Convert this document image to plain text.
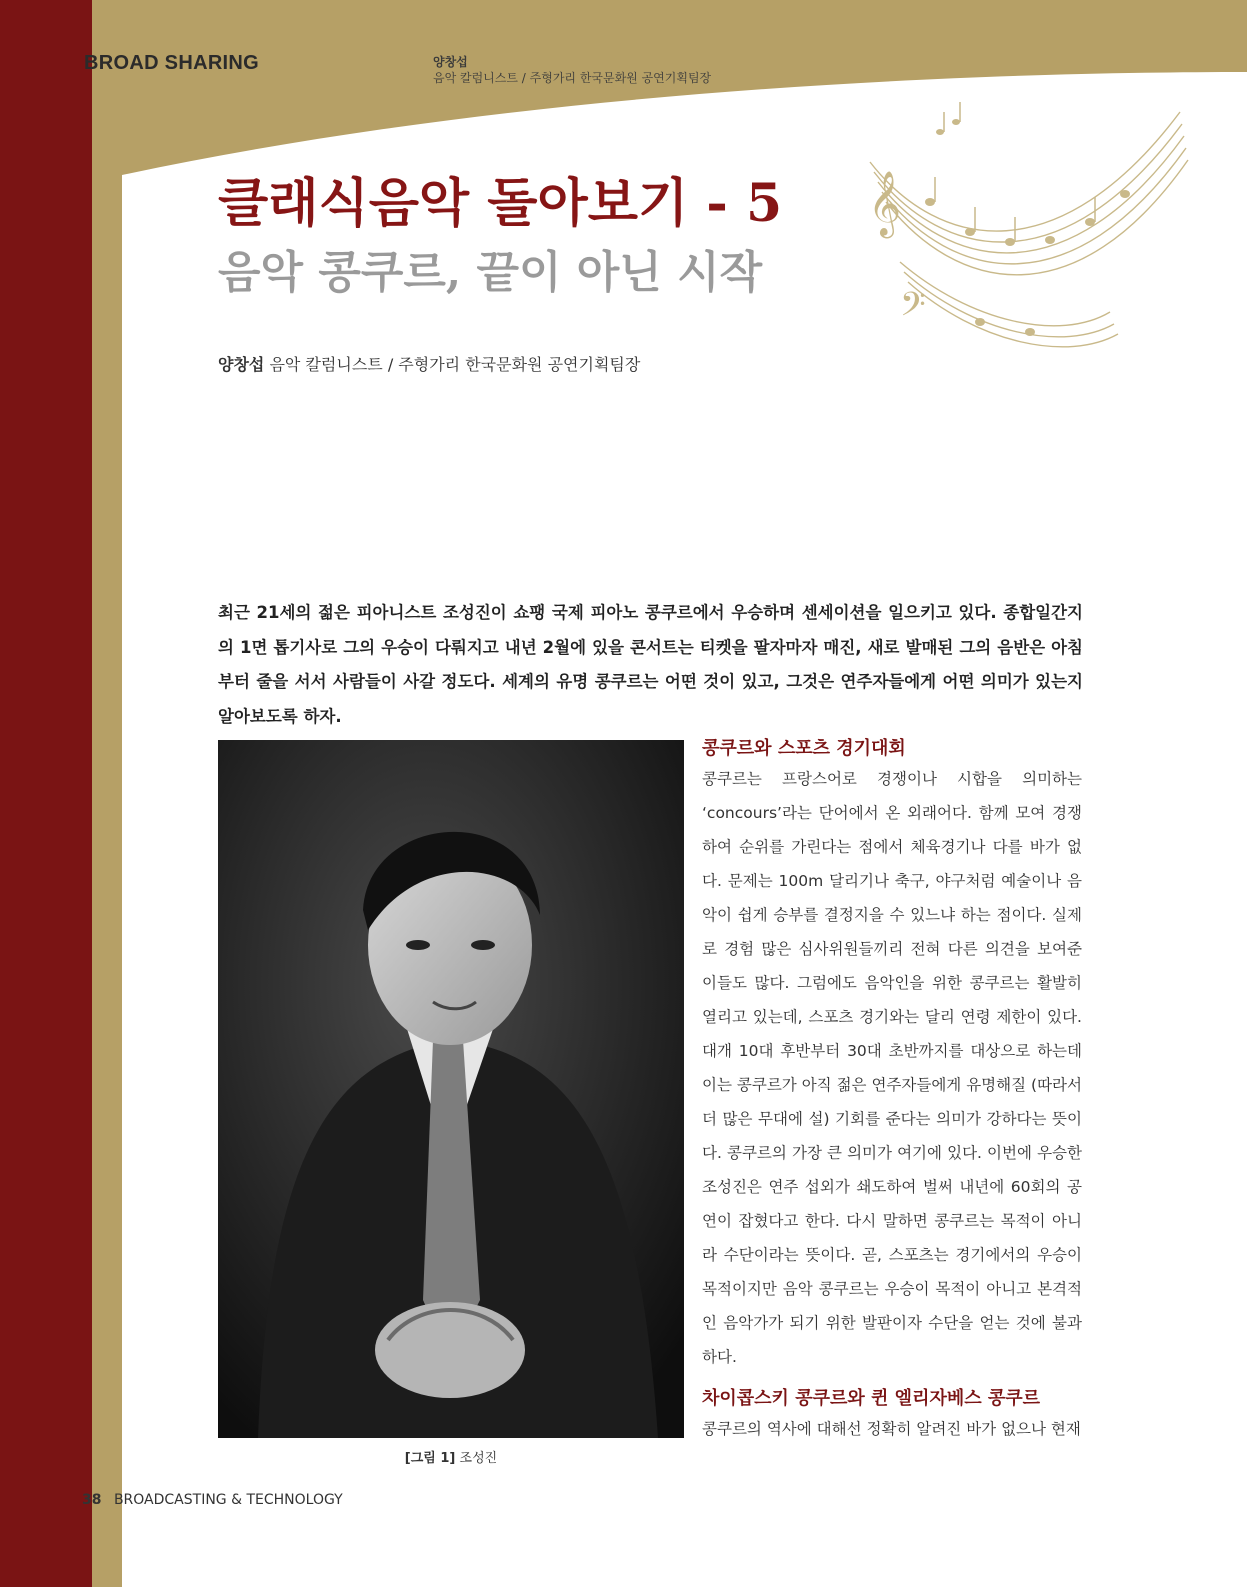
BROAD SHARING	양창섭
음악 칼럼니스트 / 주형가리 한국문화원 공연기획팀장
𝄞
𝄢
클래식음악 돌아보기 - 5
음악 콩쿠르, 끝이 아닌 시작
양창섭 음악 칼럼니스트 / 주형가리 한국문화원 공연기획팀장

최근 21세의 젊은 피아니스트 조성진이 쇼팽 국제 피아노 콩쿠르에서 우승하며 센세이션을 일으키고 있다. 종합일간지의 1면 톱기사로 그의 우승이 다뤄지고 내년 2월에 있을 콘서트는 티켓을 팔자마자 매진, 새로 발매된 그의 음반은 아침부터 줄을 서서 사람들이 사갈 정도다. 세계의 유명 콩쿠르는 어떤 것이 있고, 그것은 연주자들에게 어떤 의미가 있는지 알아보도록 하자.

[그림 1] 조성진
콩쿠르와 스포츠 경기대회

콩쿠르는 프랑스어로 경쟁이나 시합을 의미하는 ‘concours’라는 단어에서 온 외래어다. 함께 모여 경쟁하여 순위를 가린다는 점에서 체육경기나 다를 바가 없다. 문제는 100m 달리기나 축구, 야구처럼 예술이나 음악이 쉽게 승부를 결정지을 수 있느냐 하는 점이다. 실제로 경험 많은 심사위원들끼리 전혀 다른 의견을 보여준 이들도 많다. 그럼에도 음악인을 위한 콩쿠르는 활발히 열리고 있는데, 스포츠 경기와는 달리 연령 제한이 있다. 대개 10대 후반부터 30대 초반까지를 대상으로 하는데 이는 콩쿠르가 아직 젊은 연주자들에게 유명해질 (따라서 더 많은 무대에 설) 기회를 준다는 의미가 강하다는 뜻이다. 콩쿠르의 가장 큰 의미가 여기에 있다. 이번에 우승한 조성진은 연주 섭외가 쇄도하여 벌써 내년에 60회의 공연이 잡혔다고 한다. 다시 말하면 콩쿠르는 목적이 아니라 수단이라는 뜻이다. 곧, 스포츠는 경기에서의 우승이 목적이지만 음악 콩쿠르는 우승이 목적이 아니고 본격적인 음악가가 되기 위한 발판이자 수단을 얻는 것에 불과하다.

차이콥스키 콩쿠르와 퀸 엘리자베스 콩쿠르

콩쿠르의 역사에 대해선 정확히 알려진 바가 없으나 현재

38 BROADCASTING & TECHNOLOGY
